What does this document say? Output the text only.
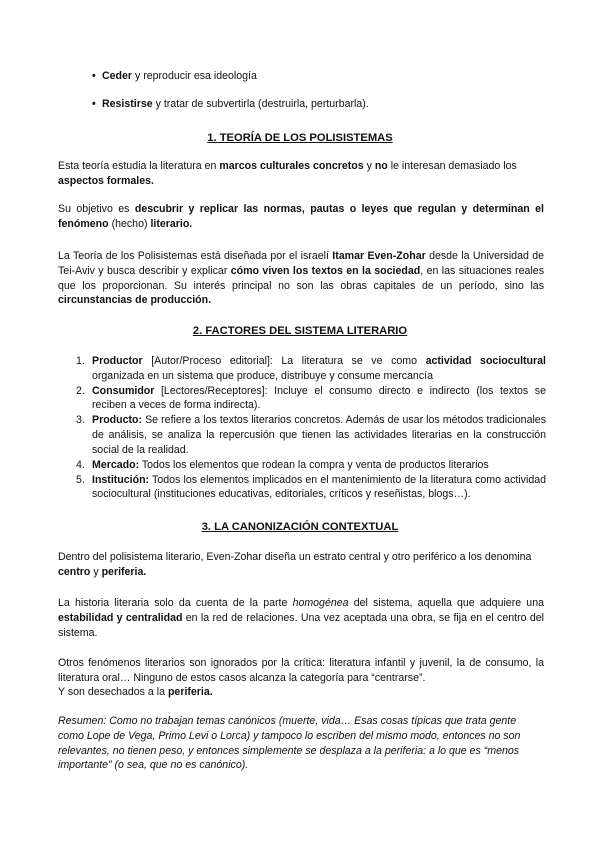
• Ceder y reproducir esa ideología

• Resistirse y tratar de subvertirla (destruirla, perturbarla).

1. TEORÍA DE LOS POLISISTEMAS

Esta teoría estudia la literatura en marcos culturales concretos y no le interesan demasiado los aspectos formales.

Su objetivo es descubrir y replicar las normas, pautas o leyes que regulan y determinan el fenómeno (hecho) literario.

La Teoría de los Polisistemas está diseñada por el israelí Itamar Even-Zohar desde la Universidad de Tei-Aviv y busca describir y explicar cómo viven los textos en la sociedad, en las situaciones reales que los proporcionan. Su interés principal no son las obras capitales de un período, sino las circunstancias de producción.

2. FACTORES DEL SISTEMA LITERARIO

1. Productor [Autor/Proceso editorial]: La literatura se ve como actividad sociocultural organizada en un sistema que produce, distribuye y consume mercancía
2. Consumidor [Lectores/Receptores]: Incluye el consumo directo e indirecto (los textos se reciben a veces de forma indirecta).
3. Producto: Se refiere a los textos literarios concretos. Además de usar los métodos tradicionales de análisis, se analiza la repercusión que tienen las actividades literarias en la construcción social de la realidad.
4. Mercado: Todos los elementos que rodean la compra y venta de productos literarios
5. Institución: Todos los elementos implicados en el mantenimiento de la literatura como actividad sociocultural (instituciones educativas, editoriales, críticos y reseñistas, blogs…).

3. LA CANONIZACIÓN CONTEXTUAL

Dentro del polisistema literario, Even-Zohar diseña un estrato central y otro periférico a los denomina centro y periferia.

La historia literaria solo da cuenta de la parte homogénea del sistema, aquella que adquiere una estabilidad y centralidad en la red de relaciones. Una vez aceptada una obra, se fija en el centro del sistema.

Otros fenómenos literarios son ignorados por la crítica: literatura infantil y juvenil, la de consumo, la literatura oral… Ninguno de estos casos alcanza la categoría para “centrarse”.

Y son desechados a la periferia.

Resumen: Como no trabajan temas canónicos (muerte, vida… Esas cosas típicas que trata gente como Lope de Vega, Primo Levi o Lorca) y tampoco lo escriben del mismo modo, entonces no son relevantes, no tienen peso, y entonces simplemente se desplaza a la periferia: a lo que es “menos importante” (o sea, que no es canónico).
